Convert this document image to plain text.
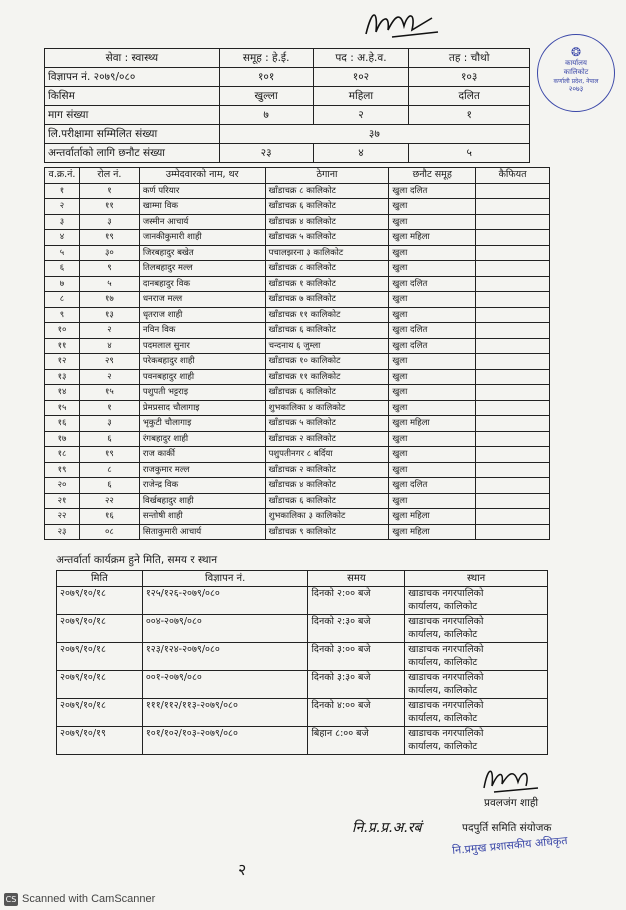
❂
कार्यालय
कालिकोट
कर्णाली प्रदेश, नेपाल
२०७३
सेवा : स्वास्थ्य	समूह : हे.ई.	पद : अ.हे.व.	तह : चौथो
विज्ञापन नं. २०७९/०८०	१०१	१०२	१०३
किसिम	खुल्ला	महिला	दलित
माग संख्या	७	२	१
लि.परीक्षामा सम्मिलित संख्या	३७		
अन्तर्वार्ताको लागि छनौट संख्या	२३	४	५
व.क्र.नं.	रोल नं.	उम्मेदवारको नाम, थर	ठेगाना	छनौट समूह	कैफियत
१	१	कर्ण परियार	खाँडाचक्र ८ कालिकोट	खुला दलित	
२	११	खाम्मा विक	खाँडाचक्र ६ कालिकोट	खुला	
३	३	जस्मीन आचार्य	खाँडाचक्र ४ कालिकोट	खुला	
४	१९	जानकीकुमारी शाही	खाँडाचक्र ५ कालिकोट	खुला महिला	
५	३०	जिरबहादुर बखेत	पचालझरना ३ कालिकोट	खुला	
६	९	तिलबहादुर मल्ल	खाँडाचक्र ८ कालिकोट	खुला	
७	५	दानबहादुर विक	खाँडाचक्र १ कालिकोट	खुला दलित	
८	१७	धनराज मल्ल	खाँडाचक्र ७ कालिकोट	खुला	
९	१३	धृतराज शाही	खाँडाचक्र ११ कालिकोट	खुला	
१०	२	नविन विक	खाँडाचक्र ६ कालिकोट	खुला दलित	
११	४	पदमलाल सुनार	चन्दनाथ ६ जुम्ला	खुला दलित	
१२	२९	परेकबहादुर शाही	खाँडाचक्र १० कालिकोट	खुला	
१३	२	पवनबहादुर शाही	खाँडाचक्र ११ कालिकोट	खुला	
१४	१५	पशुपती भट्टराइ	खाँडाचक्र ६ कालिकोट	खुला	
१५	१	प्रेमप्रसाद चौलागाइ	शुभकालिका ४ कालिकोट	खुला	
१६	३	भृकुटी चौलागाइ	खाँडाचक्र ५ कालिकोट	खुला महिला	
१७	६	रंगबहादुर शाही	खाँडाचक्र २ कालिकोट	खुला	
१८	१९	राज कार्की	पशुपतीनगर ८ बर्दिया	खुला	
१९	८	राजकुमार मल्ल	खाँडाचक्र २ कालिकोट	खुला	
२०	६	राजेन्द्र विक	खाँडाचक्र ४ कालिकोट	खुला दलित	
२१	२२	विर्खबहादुर शाही	खाँडाचक्र ६ कालिकोट	खुला	
२२	१६	सन्तोषी शाही	शुभकालिका ३ कालिकोट	खुला महिला	
२३	०८	सिताकुमारी आचार्य	खाँडाचक्र ९ कालिकोट	खुला महिला	
अन्तर्वार्ता कार्यक्रम हुने मिति, समय र स्थान
मिति	विज्ञापन नं.	समय	स्थान
२०७९/१०/१८	१२५/१२६-२०७९/०८०	दिनको २:०० बजे	खाडाचक नगरपालिको
कार्यालय, कालिकोट

२०७९/१०/१८	००४-२०७९/०८०	दिनको २:३० बजे	खाडाचक नगरपालिको
कार्यालय, कालिकोट

२०७९/१०/१८	१२३/१२४-२०७९/०८०	दिनको ३:०० बजे	खाडाचक नगरपालिको
कार्यालय, कालिकोट

२०७९/१०/१८	००१-२०७९/०८०	दिनको ३:३० बजे	खाडाचक नगरपालिको
कार्यालय, कालिकोट

२०७९/१०/१८	१११/११२/११३-२०७९/०८०	दिनको ४:०० बजे	खाडाचक नगरपालिको
कार्यालय, कालिकोट

२०७९/१०/१९	१०१/१०२/१०३-२०७९/०८०	बिहान ८:०० बजे	खाडाचक नगरपालिको
कार्यालय, कालिकोट
प्रवलजंग शाही
नि.प्र.प्र.अ.रबं	पदपुर्ति समिति संयोजक
नि.प्रमुख प्रशासकीय अधिकृत
२
CS Scanned with CamScanner
